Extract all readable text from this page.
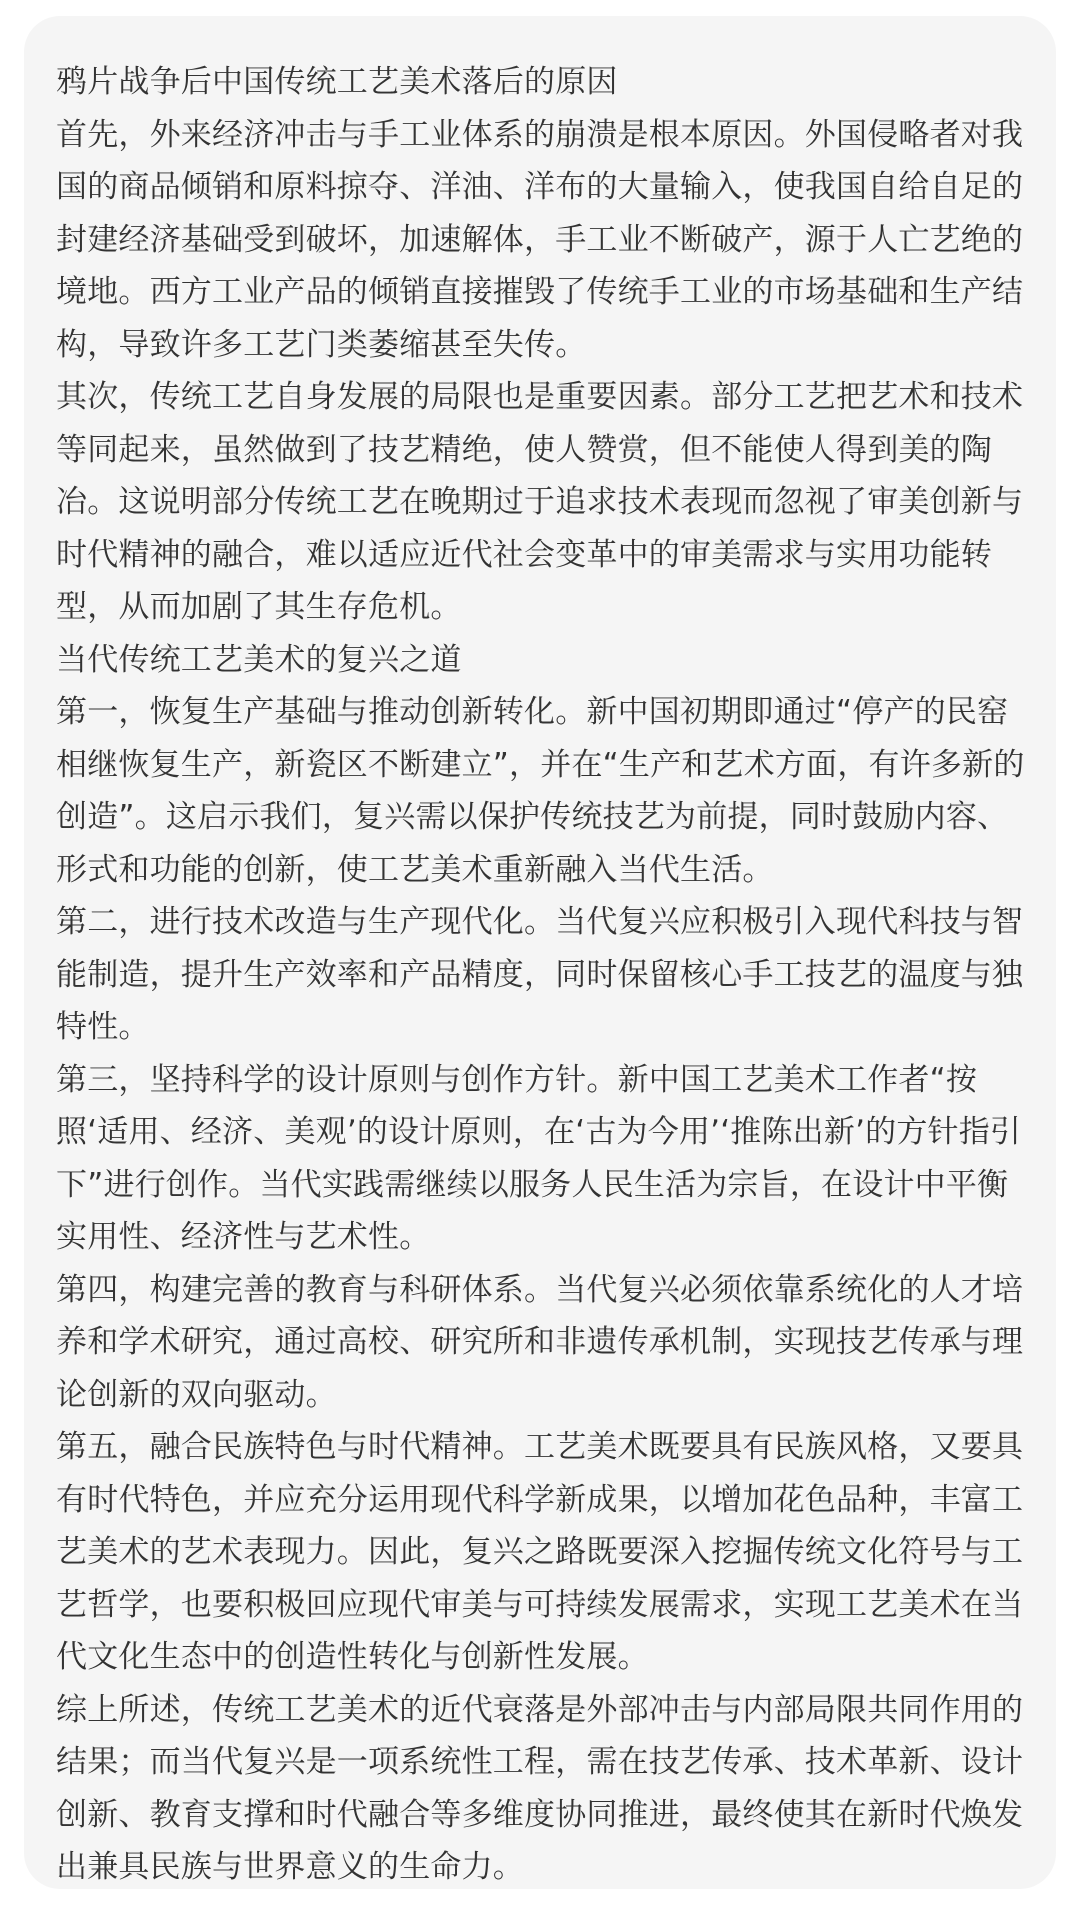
鸦片战争后中国传统工艺美术落后的原因

首先，外来经济冲击与手工业体系的崩溃是根本原因。外国侵略者对我国的商品倾销和原料掠夺、洋油、洋布的大量输入，使我国自给自足的封建经济基础受到破坏，加速解体，手工业不断破产，源于人亡艺绝的境地。西方工业产品的倾销直接摧毁了传统手工业的市场基础和生产结构，导致许多工艺门类萎缩甚至失传。

其次，传统工艺自身发展的局限也是重要因素。部分工艺把艺术和技术等同起来，虽然做到了技艺精绝，使人赞赏，但不能使人得到美的陶冶。这说明部分传统工艺在晚期过于追求技术表现而忽视了审美创新与时代精神的融合，难以适应近代社会变革中的审美需求与实用功能转型，从而加剧了其生存危机。

当代传统工艺美术的复兴之道

第一，恢复生产基础与推动创新转化。新中国初期即通过“停产的民窑相继恢复生产，新瓷区不断建立”，并在“生产和艺术方面，有许多新的创造”。这启示我们，复兴需以保护传统技艺为前提，同时鼓励内容、形式和功能的创新，使工艺美术重新融入当代生活。

第二，进行技术改造与生产现代化。当代复兴应积极引入现代科技与智能制造，提升生产效率和产品精度，同时保留核心手工技艺的温度与独特性。

第三，坚持科学的设计原则与创作方针。新中国工艺美术工作者“按照‘适用、经济、美观’的设计原则，在‘古为今用’‘推陈出新’的方针指引下”进行创作。当代实践需继续以服务人民生活为宗旨，在设计中平衡实用性、经济性与艺术性。

第四，构建完善的教育与科研体系。当代复兴必须依靠系统化的人才培养和学术研究，通过高校、研究所和非遗传承机制，实现技艺传承与理论创新的双向驱动。

第五，融合民族特色与时代精神。工艺美术既要具有民族风格，又要具有时代特色，并应充分运用现代科学新成果，以增加花色品种，丰富工艺美术的艺术表现力。因此，复兴之路既要深入挖掘传统文化符号与工艺哲学，也要积极回应现代审美与可持续发展需求，实现工艺美术在当代文化生态中的创造性转化与创新性发展。

综上所述，传统工艺美术的近代衰落是外部冲击与内部局限共同作用的结果；而当代复兴是一项系统性工程，需在技艺传承、技术革新、设计创新、教育支撑和时代融合等多维度协同推进，最终使其在新时代焕发出兼具民族与世界意义的生命力。
